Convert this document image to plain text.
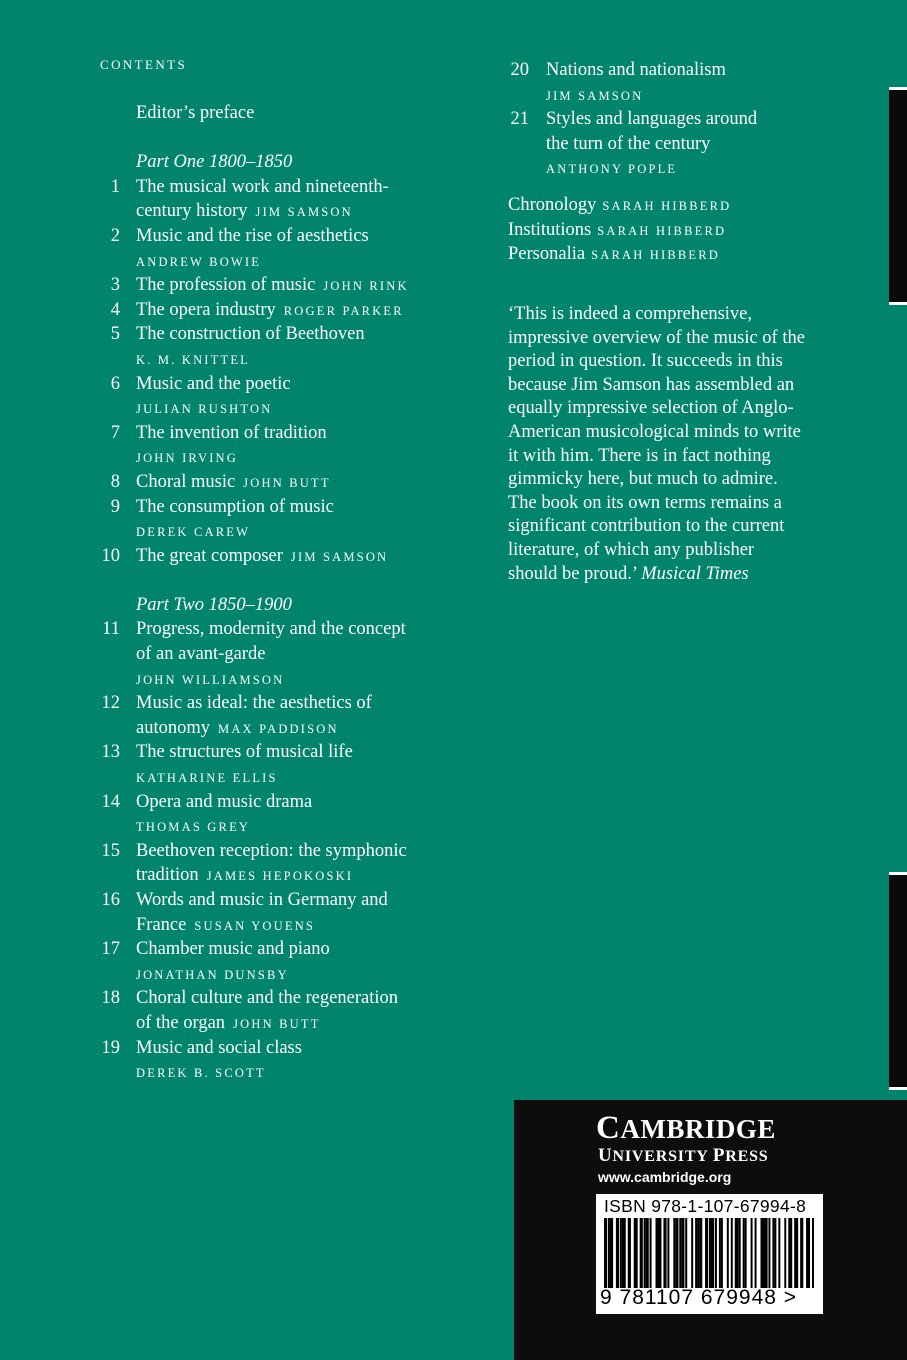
CONTENTS
Editor’s preface
Part One 1800–1850
1 The musical work and nineteenth-
century history JIM SAMSON
2 Music and the rise of aesthetics
ANDREW BOWIE
3 The profession of music JOHN RINK
4 The opera industry ROGER PARKER
5 The construction of Beethoven
K. M. KNITTEL
6 Music and the poetic
JULIAN RUSHTON
7 The invention of tradition
JOHN IRVING
8 Choral music JOHN BUTT
9 The consumption of music
DEREK CAREW
10 The great composer JIM SAMSON
Part Two 1850–1900
11 Progress, modernity and the concept
of an avant-garde
JOHN WILLIAMSON
12 Music as ideal: the aesthetics of
autonomy MAX PADDISON
13 The structures of musical life
KATHARINE ELLIS
14 Opera and music drama
THOMAS GREY
15 Beethoven reception: the symphonic
tradition JAMES HEPOKOSKI
16 Words and music in Germany and
France SUSAN YOUENS
17 Chamber music and piano
JONATHAN DUNSBY
18 Choral culture and the regeneration
of the organ JOHN BUTT
19 Music and social class
DEREK B. SCOTT
20 Nations and nationalism
JIM SAMSON
21 Styles and languages around
the turn of the century
ANTHONY POPLE
Chronology SARAH HIBBERD
Institutions SARAH HIBBERD
Personalia SARAH HIBBERD
‘This is indeed a comprehensive,
impressive overview of the music of the
period in question. It succeeds in this
because Jim Samson has assembled an
equally impressive selection of Anglo-
American musicological minds to write
it with him. There is in fact nothing
gimmicky here, but much to admire.
The book on its own terms remains a
significant contribution to the current
literature, of which any publisher
should be proud.’ Musical Times
CAMBRIDGE
UNIVERSITY PRESS
www.cambridge.org
ISBN 978-1-107-67994-8
9 781107 679948 >
